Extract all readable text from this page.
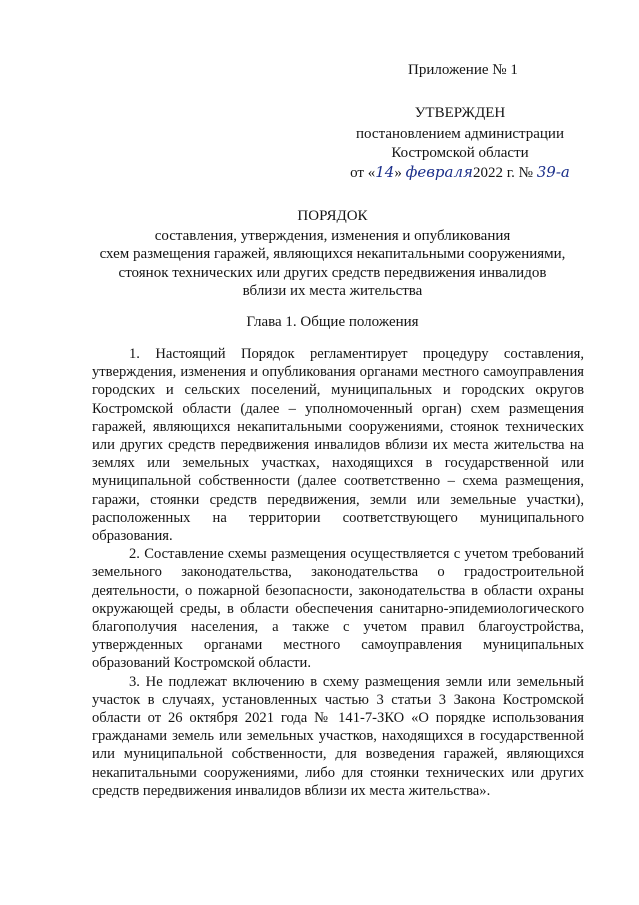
Приложение № 1
УТВЕРЖДЕН
постановлением администрации
Костромской области
от «14» февраля2022 г. № 39-а
ПОРЯДОК
составления, утверждения, изменения и опубликования
схем размещения гаражей, являющихся некапитальными сооружениями,
стоянок технических или других средств передвижения инвалидов
вблизи их места жительства
Глава 1. Общие положения

1. Настоящий Порядок регламентирует процедуру составления, утверждения, изменения и опубликования органами местного самоуправления городских и сельских поселений, муниципальных и городских округов Костромской области (далее – уполномоченный орган) схем размещения гаражей, являющихся некапитальными сооружениями, стоянок технических или других средств передвижения инвалидов вблизи их места жительства на землях или земельных участках, находящихся в государственной или муниципальной собственности (далее соответственно – схема размещения, гаражи, стоянки средств передвижения, земли или земельные участки), расположенных на территории соответствующего муниципального образования.

2. Составление схемы размещения осуществляется с учетом требований земельного законодательства, законодательства о градостроительной деятельности, о пожарной безопасности, законодательства в области охраны окружающей среды, в области обеспечения санитарно-эпидемиологического благополучия населения, а также с учетом правил благоустройства, утвержденных органами местного самоуправления муниципальных образований Костромской области.

3. Не подлежат включению в схему размещения земли или земельный участок в случаях, установленных частью 3 статьи 3 Закона Костромской области от 26 октября 2021 года № 141-7-ЗКО «О порядке использования гражданами земель или земельных участков, находящихся в государственной или муниципальной собственности, для возведения гаражей, являющихся некапитальными сооружениями, либо для стоянки технических или других средств передвижения инвалидов вблизи их места жительства».
